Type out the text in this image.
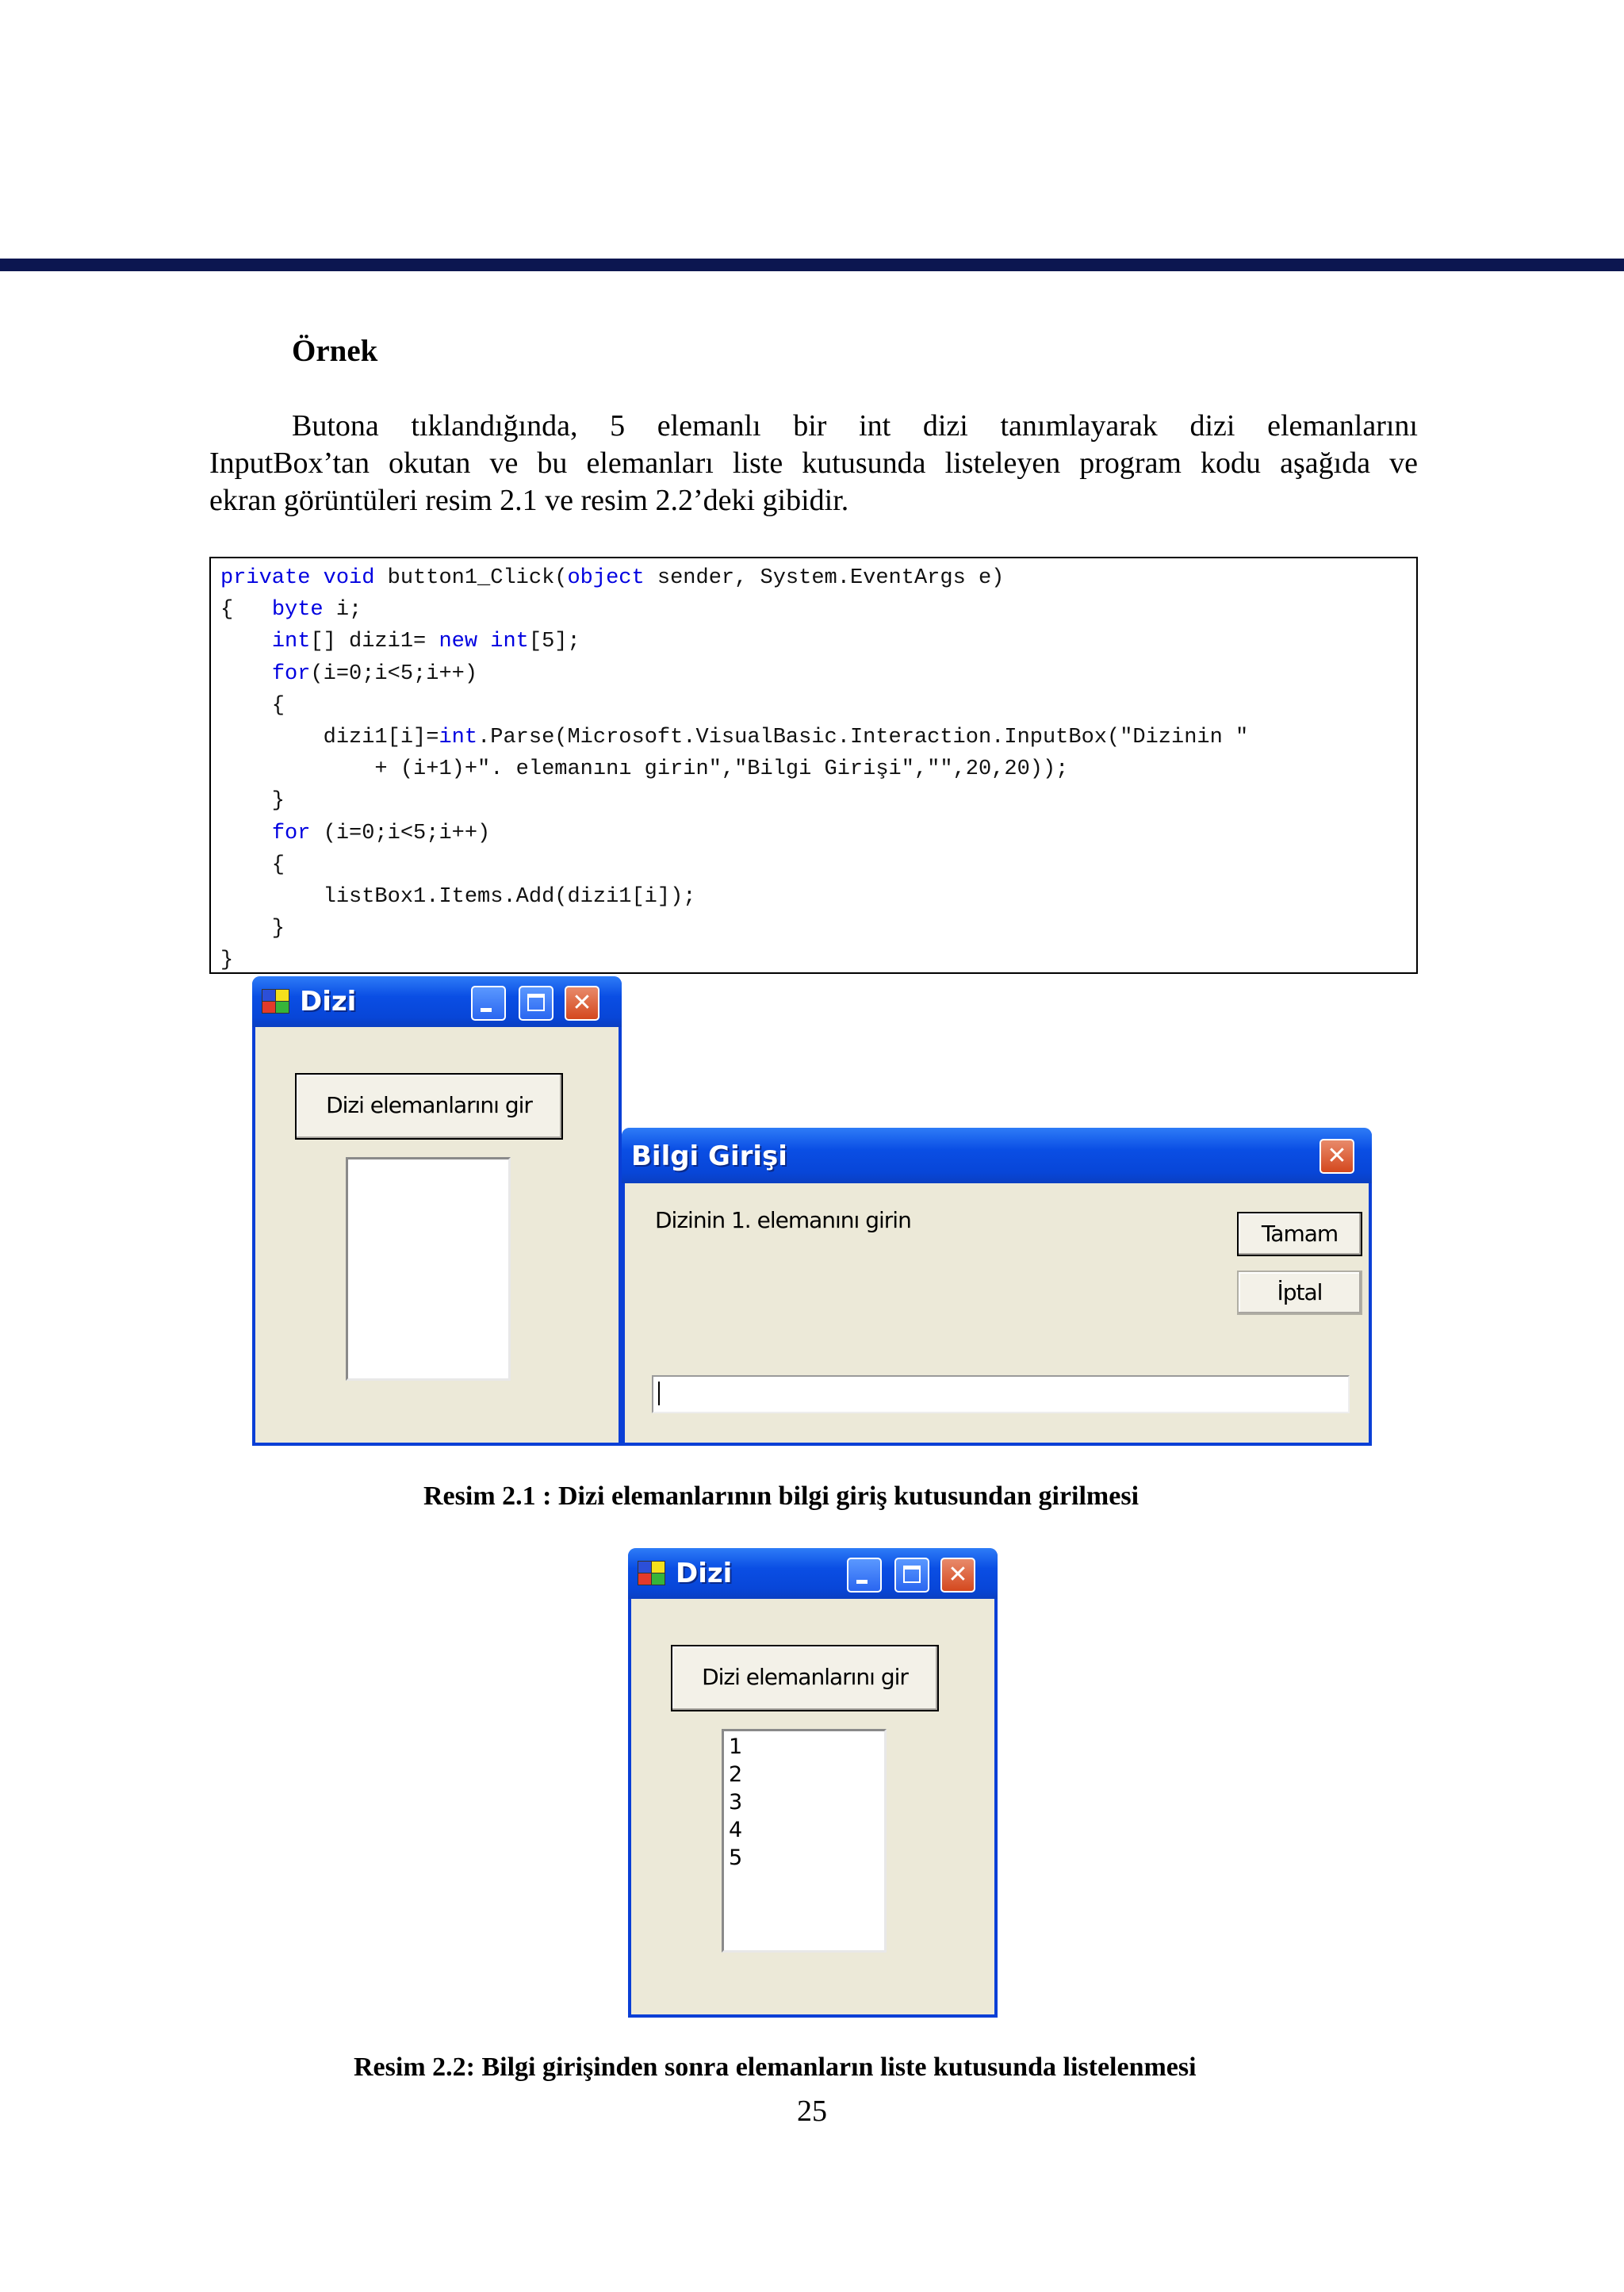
Örnek
Butona tıklandığında, 5 elemanlı bir int dizi tanımlayarak dizi elemanlarını
InputBox’tan okutan ve bu elemanları liste kutusunda listeleyen program kodu aşağıda ve
ekran görüntüleri resim 2.1 ve resim 2.2’deki gibidir.
private void button1_Click(object sender, System.EventArgs e)
{   byte i;
int[] dizi1= new int[5];
for(i=0;i<5;i++)
{
dizi1[i]=int.Parse(Microsoft.VisualBasic.Interaction.InputBox("Dizinin "
+ (i+1)+". elemanını girin","Bilgi Girişi","",20,20));
}
for (i=0;i<5;i++)
{
listBox1.Items.Add(dizi1[i]);
}
}
Dizi	✕
Dizi elemanlarını gir
Bilgi Girişi	✕
Dizinin 1. elemanını girin
Tamam
İptal
Resim 2.1 : Dizi elemanlarının bilgi giriş kutusundan girilmesi
Dizi	✕
Dizi elemanlarını gir
1
2
3
4
5
Resim 2.2: Bilgi girişinden sonra elemanların liste kutusunda listelenmesi
25
